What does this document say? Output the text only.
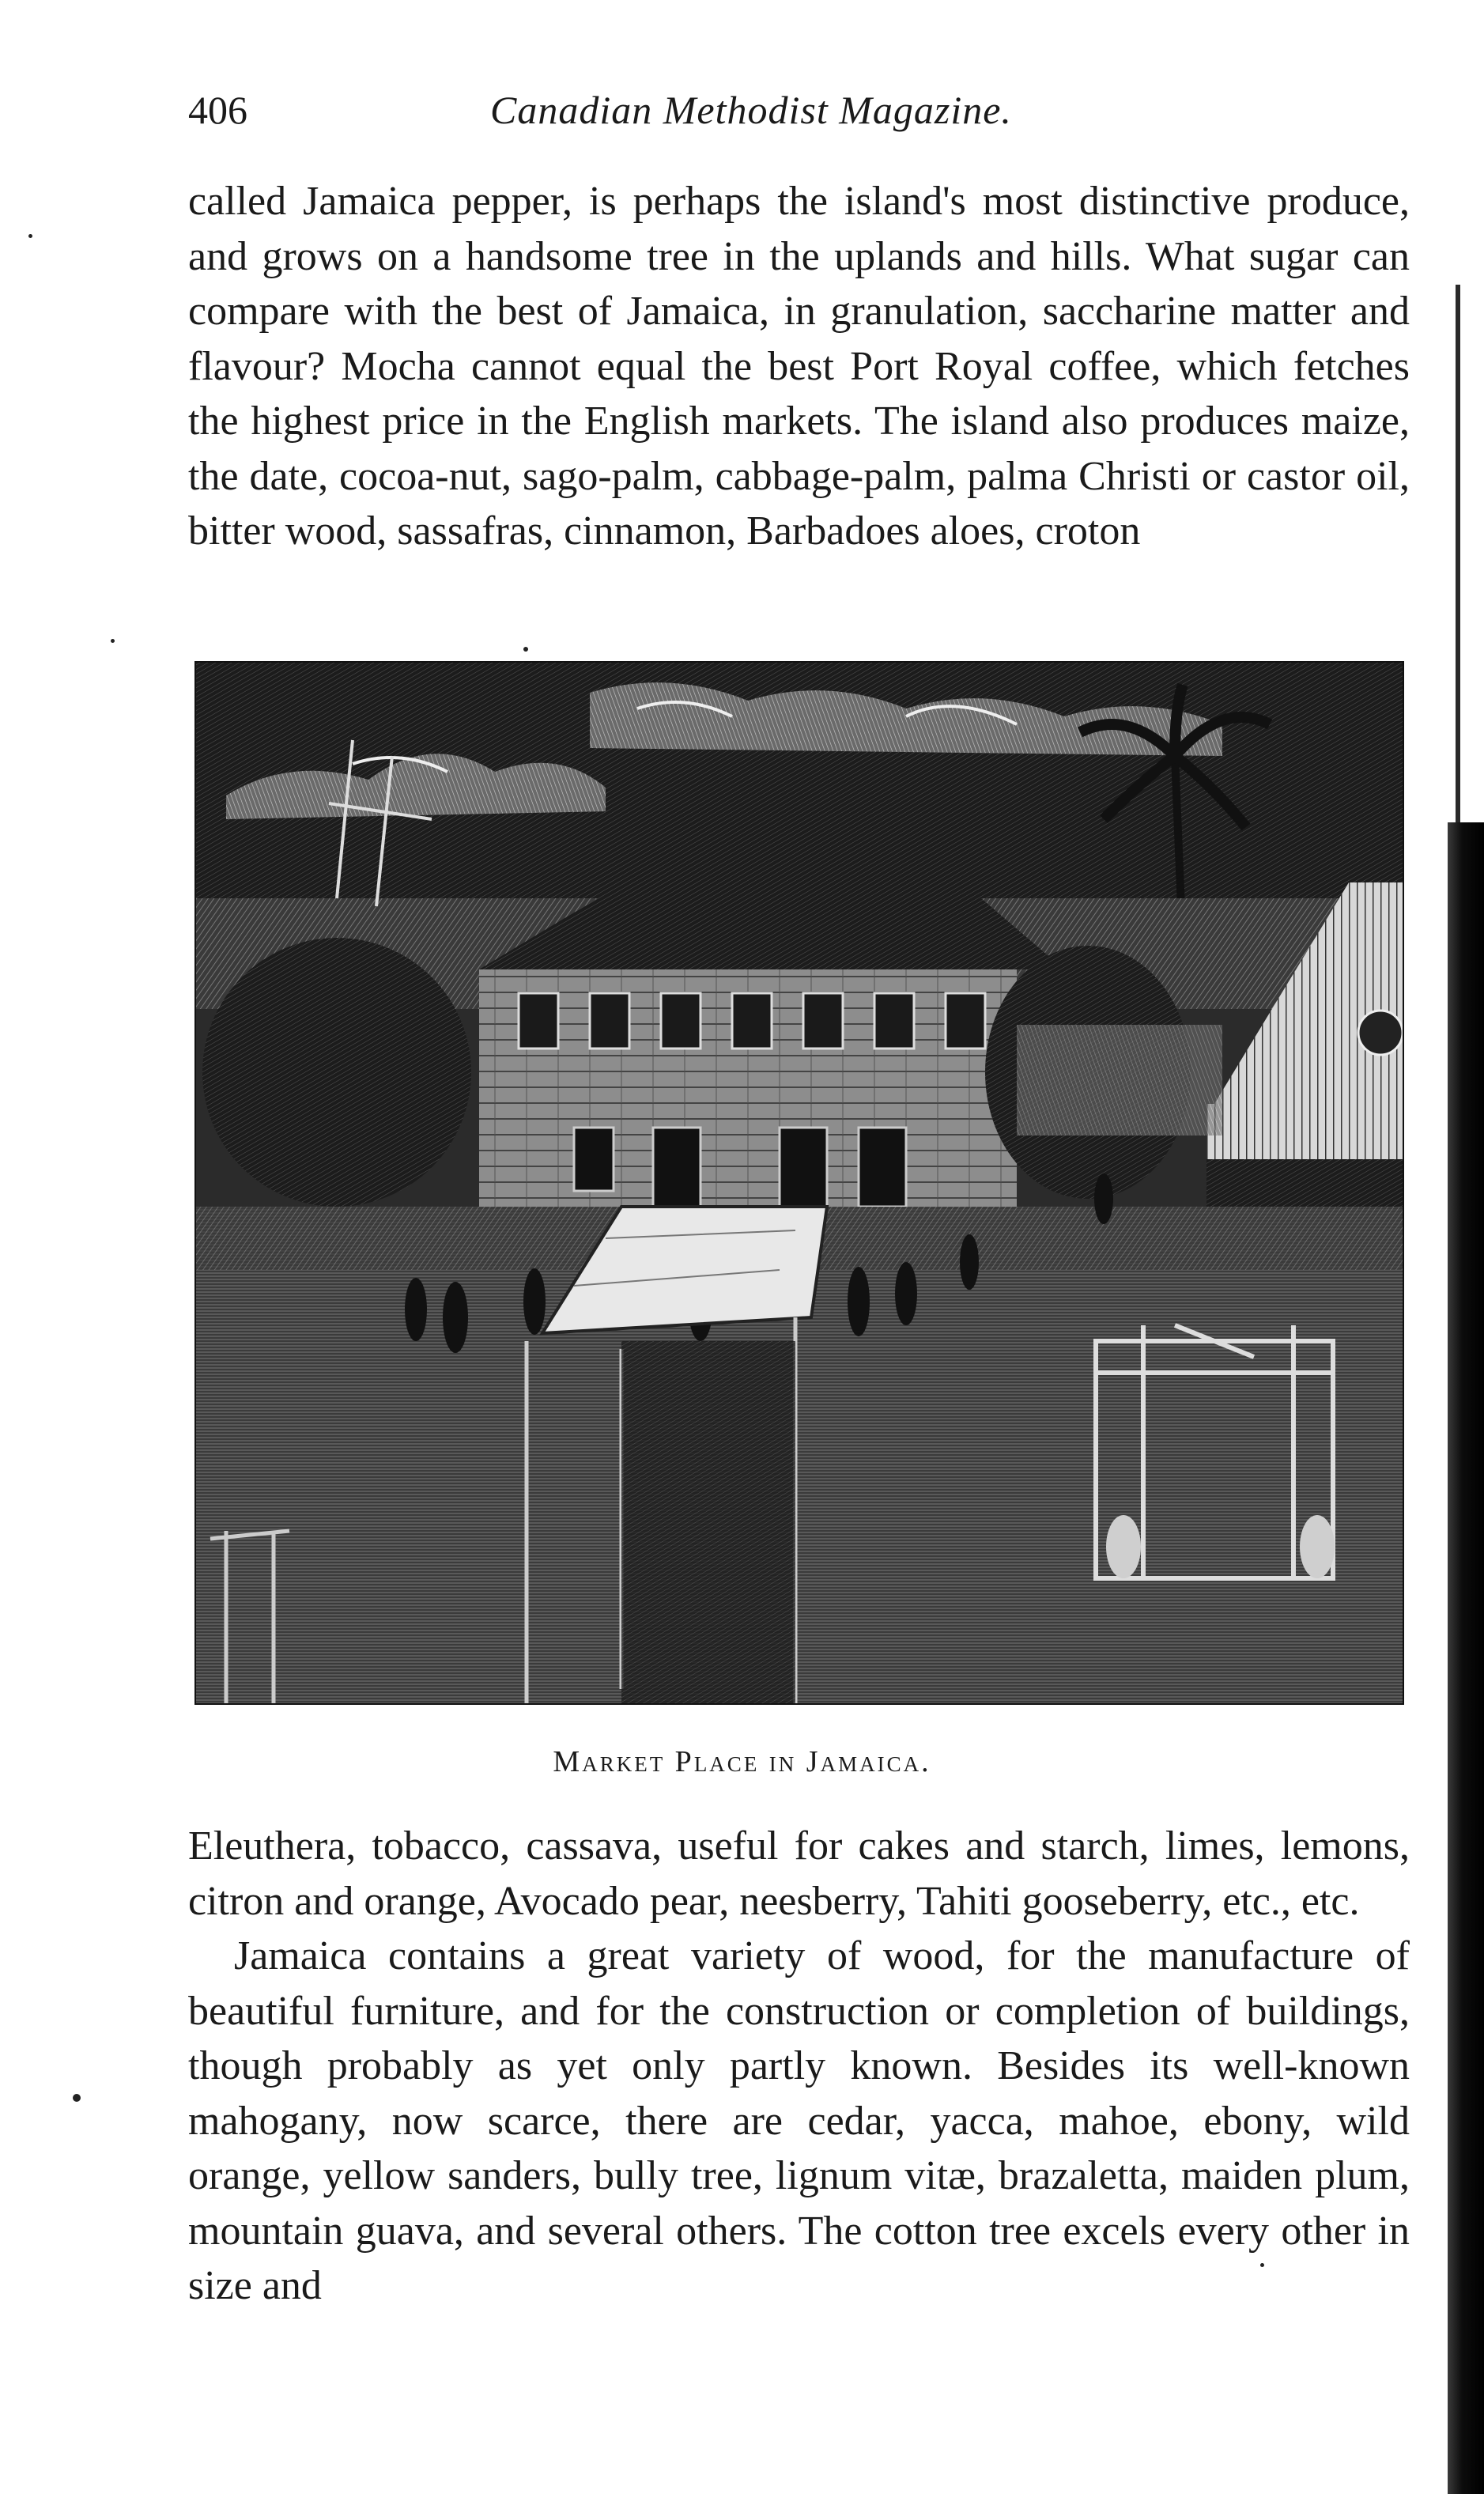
406	Canadian Methodist Magazine.

called Jamaica pepper, is perhaps the island's most distinctive produce, and grows on a handsome tree in the uplands and hills. What sugar can compare with the best of Jamaica, in granulation, saccharine matter and flavour? Mocha cannot equal the best Port Royal coffee, which fetches the highest price in the English markets. The island also produces maize, the date, cocoa-nut, sago-palm, cabbage-palm, palma Christi or castor oil, bitter wood, sassafras, cinnamon, Barbadoes aloes, croton

Market Place in Jamaica.

Eleuthera, tobacco, cassava, useful for cakes and starch, limes, lemons, citron and orange, Avocado pear, neesberry, Tahiti gooseberry, etc., etc.

Jamaica contains a great variety of wood, for the manufacture of beautiful furniture, and for the construction or completion of buildings, though probably as yet only partly known. Besides its well-known mahogany, now scarce, there are cedar, yacca, mahoe, ebony, wild orange, yellow sanders, bully tree, lignum vitæ, brazaletta, maiden plum, mountain guava, and several others. The cotton tree excels every other in size and
